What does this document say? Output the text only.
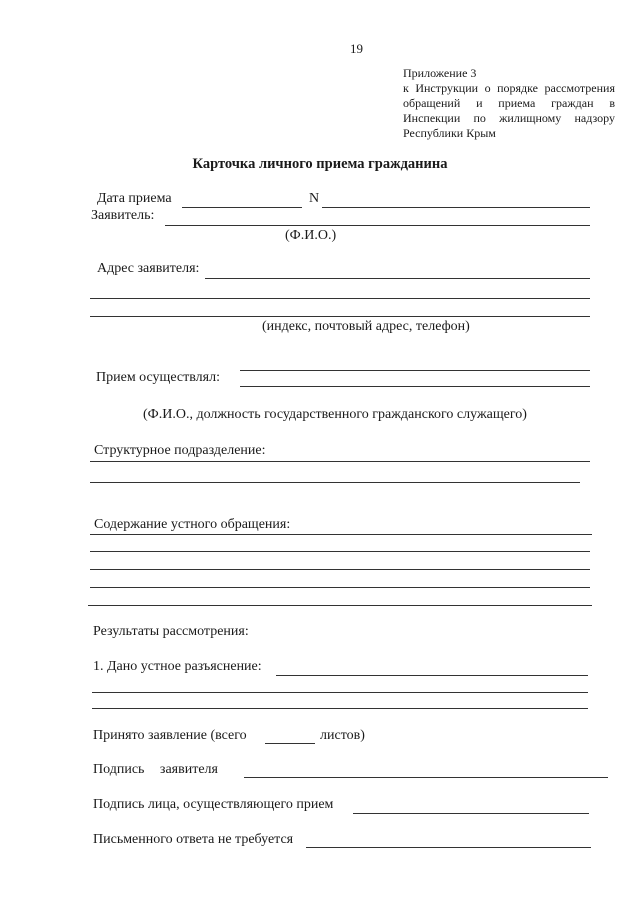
19
Приложение 3
к Инструкции о порядке рассмотрения
обращений и приема граждан в
Инспекции по жилищному надзору
Республики Крым
Карточка личного приема гражданина
Дата приема	N
Заявитель:
(Ф.И.О.)
Адрес заявителя:
(индекс, почтовый адрес, телефон)
Прием осуществлял:
(Ф.И.О., должность государственного гражданского служащего)
Структурное подразделение:
Содержание устного обращения:
Результаты рассмотрения:
1. Дано устное разъяснение:
Принято заявление (всего	листов)
Подпись заявителя
Подпись лица, осуществляющего прием
Письменного ответа не требуется
